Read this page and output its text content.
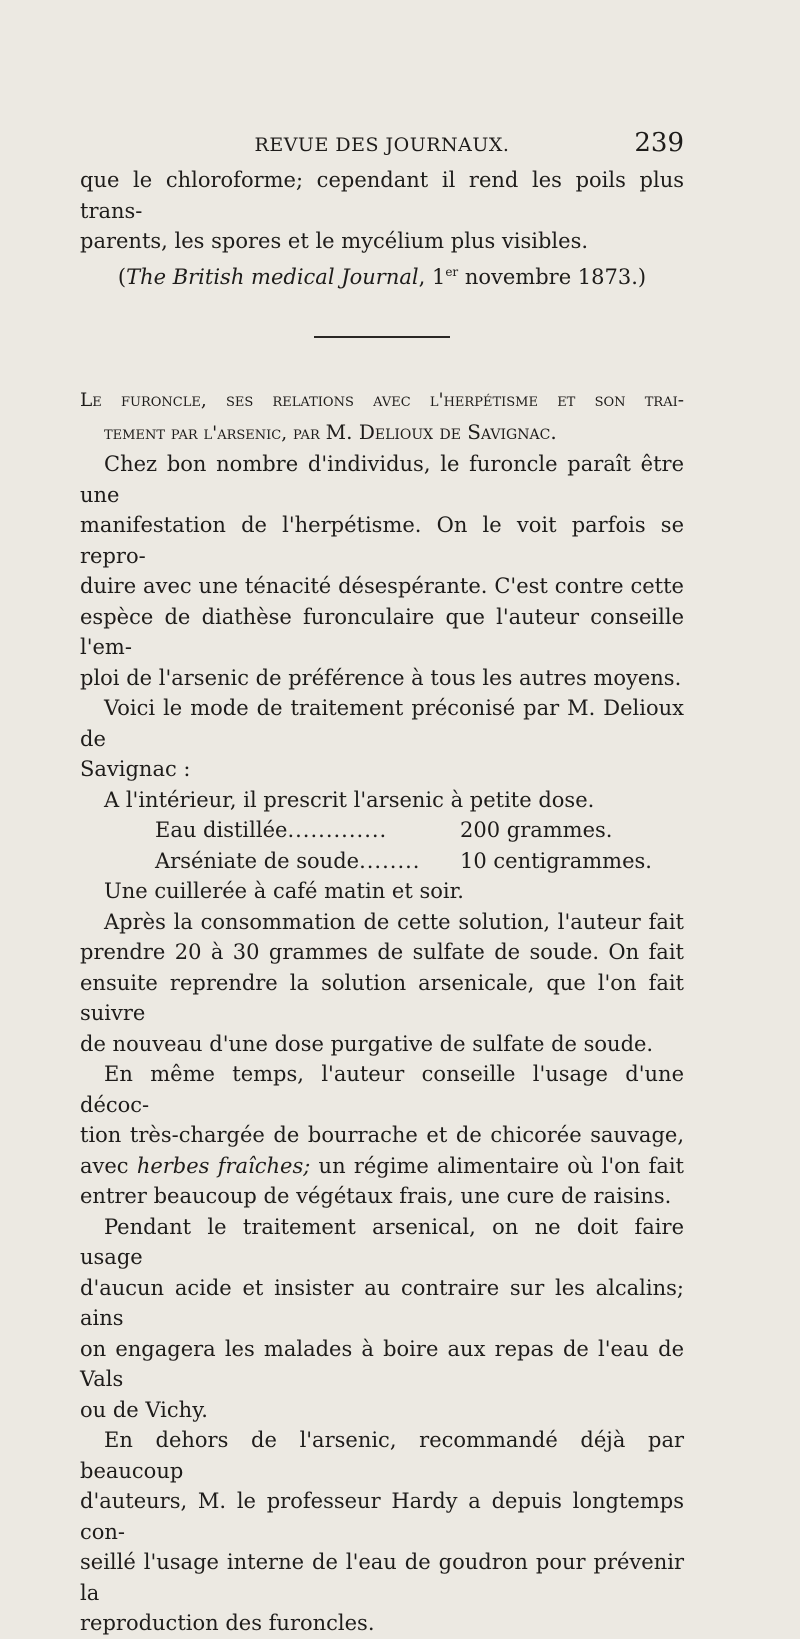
REVUE DES JOURNAUX.	239

que le chloroforme; cependant il rend les poils plus trans-

parents, les spores et le mycélium plus visibles.

(The British medical Journal, 1er novembre 1873.)

Le furoncle, ses relations avec l'herpétisme et son trai-

tement par l'arsenic, par M. Delioux de Savignac.

Chez bon nombre d'individus, le furoncle paraît être une

manifestation de l'herpétisme. On le voit parfois se repro-

duire avec une ténacité désespérante. C'est contre cette

espèce de diathèse furonculaire que l'auteur conseille l'em-

ploi de l'arsenic de préférence à tous les autres moyens.

Voici le mode de traitement préconisé par M. Delioux de

Savignac :

A l'intérieur, il prescrit l'arsenic à petite dose.

Eau distillée.............	200 grammes.
Arséniate de soude........	10 centigrammes.

Une cuillerée à café matin et soir.

Après la consommation de cette solution, l'auteur fait

prendre 20 à 30 grammes de sulfate de soude. On fait

ensuite reprendre la solution arsenicale, que l'on fait suivre

de nouveau d'une dose purgative de sulfate de soude.

En même temps, l'auteur conseille l'usage d'une décoc-

tion très-chargée de bourrache et de chicorée sauvage,

avec herbes fraîches; un régime alimentaire où l'on fait

entrer beaucoup de végétaux frais, une cure de raisins.

Pendant le traitement arsenical, on ne doit faire usage

d'aucun acide et insister au contraire sur les alcalins; ains

on engagera les malades à boire aux repas de l'eau de Vals

ou de Vichy.

En dehors de l'arsenic, recommandé déjà par beaucoup

d'auteurs, M. le professeur Hardy a depuis longtemps con-

seillé l'usage interne de l'eau de goudron pour prévenir la

reproduction des furoncles.
